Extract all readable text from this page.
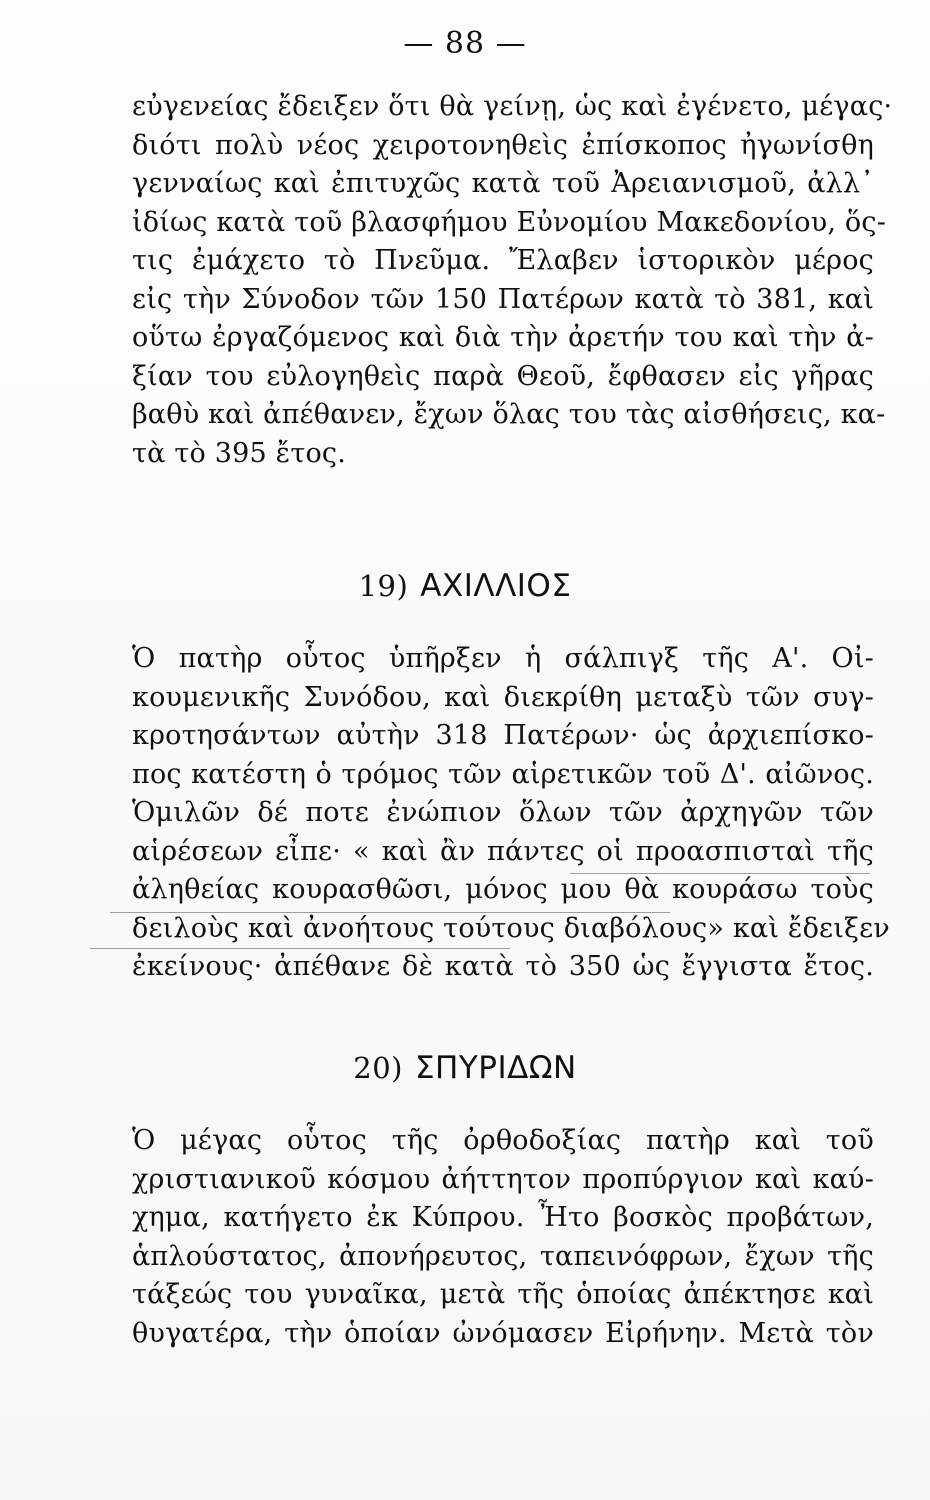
— 88 —
εὐγενείας ἔδειξεν ὅτι θὰ γείνῃ, ὡς καὶ ἐγένετο, μέγας·
διότι πολὺ νέος χειροτονηθεὶς ἐπίσκοπος ἠγωνίσθη
γενναίως καὶ ἐπιτυχῶς κατὰ τοῦ Ἀρειανισμοῦ, ἀλλ᾿
ἰδίως κατὰ τοῦ βλασφήμου Εὐνομίου Μακεδονίου, ὅς-
τις ἐμάχετο τὸ Πνεῦμα. Ἔλαβεν ἱστορικὸν μέρος
εἰς τὴν Σύνοδον τῶν 150 Πατέρων κατὰ τὸ 381, καὶ
οὕτω ἐργαζόμενος καὶ διὰ τὴν ἀρετήν του καὶ τὴν ἀ-
ξίαν του εὐλογηθεὶς παρὰ Θεοῦ, ἔφθασεν εἰς γῆρας
βαθὺ καὶ ἀπέθανεν, ἔχων ὅλας του τὰς αἰσθήσεις, κα-
τὰ τὸ 395 ἔτος.
19) ΑΧΙΛΛΙΟΣ
Ὁ πατὴρ οὗτος ὑπῆρξεν ἡ σάλπιγξ τῆς Α'. Οἰ-
κουμενικῆς Συνόδου, καὶ διεκρίθη μεταξὺ τῶν συγ-
κροτησάντων αὐτὴν 318 Πατέρων· ὡς ἀρχιεπίσκο-
πος κατέστη ὁ τρόμος τῶν αἱρετικῶν τοῦ Δ'. αἰῶνος.
Ὁμιλῶν δέ ποτε ἐνώπιον ὅλων τῶν ἀρχηγῶν τῶν
αἱρέσεων εἶπε· « καὶ ἂν πάντες οἱ προασπισταὶ τῆς
ἀληθείας κουρασθῶσι, μόνος μου θὰ κουράσω τοὺς
δειλοὺς καὶ ἀνοήτους τούτους διαβόλους» καὶ ἔδειξεν
ἐκείνους· ἀπέθανε δὲ κατὰ τὸ 350 ὡς ἔγγιστα ἔτος.
20) ΣΠΥΡΙΔΩΝ
Ὁ μέγας οὗτος τῆς ὀρθοδοξίας πατὴρ καὶ τοῦ
χριστιανικοῦ κόσμου ἀήττητον προπύργιον καὶ καύ-
χημα, κατήγετο ἐκ Κύπρου. Ἦτο βοσκὸς προβάτων,
ἁπλούστατος, ἀπονήρευτος, ταπεινόφρων, ἔχων τῆς
τάξεώς του γυναῖκα, μετὰ τῆς ὁποίας ἀπέκτησε καὶ
θυγατέρα, τὴν ὁποίαν ὠνόμασεν Εἰρήνην. Μετὰ τὸν
